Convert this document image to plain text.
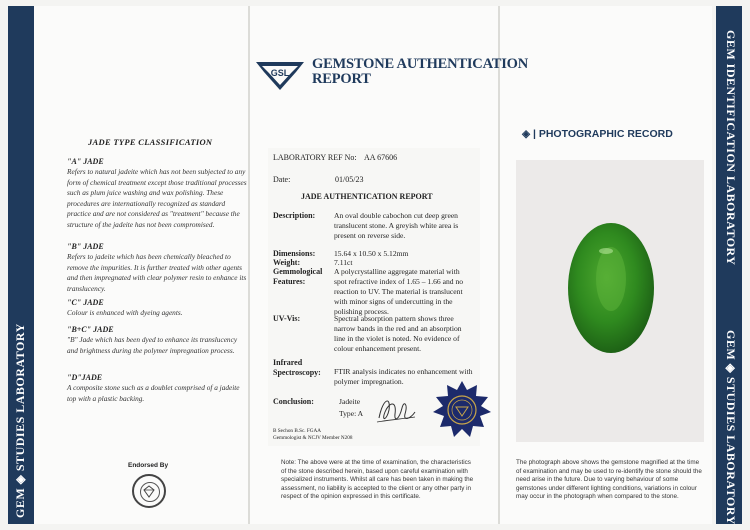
GEM ◈ STUDIES LABORATORY
GEM IDENTIFICATION LABORATORY
GEM ◈ STUDIES LABORATORY
JADE TYPE CLASSIFICATION
"A" JADE
Refers to natural jadeite which has not been subjected to any form of chemical treatment except those traditional processes such as plum juice washing and wax polishing. These procedures are internationally recognized as standard practice and are not considered as "treatment" because the structure of the jadeite has not been compromised.
"B" JADE
Refers to jadeite which has been chemically bleached to remove the impurities. It is further treated with other agents and then impregnated with clear polymer resin to enhance its translucency.
"C" JADE
Colour is enhanced with dyeing agents.
"B+C" JADE
"B" Jade which has been dyed to enhance its translucency and brightness during the polymer impregnation process.
"D"JADE
A composite stone such as a doublet comprised of a jadeite top with a plastic backing.
Endorsed By
GSL
GEMSTONE AUTHENTICATION
REPORT
LABORATORY REF No: AA 67606
Date:	01/05/23
JADE AUTHENTICATION REPORT
Description: An oval double cabochon cut deep green translucent stone. A greyish white area is present on reverse side.
Dimensions: 15.64 x 10.50 x 5.12mm
Weight:	7.11ct
Gemmological
Features:
A polycrystalline aggregate material with spot refractive index of 1.65 – 1.66 and no reaction to UV. The material is translucent with minor signs of undercutting in the polishing process.
UV-Vis:	Spectral absorption pattern shows three narrow bands in the red and an absorption line in the violet is noted. No evidence of colour enhancement present.
Infrared
Spectroscopy: FTIR analysis indicates no enhancement with polymer impregnation.
Conclusion:	Jadeite
Type: A
B Sechon B.Sc. FGAA
Gemmologist & NCJV Member N208
Note: The above were at the time of examination, the characteristics of the stone described herein, based upon careful examination with specialized instruments. Whilst all care has been taken in making the assessment, no liability is accepted to the client or any other party in respect of the opinion expressed in this certificate.
◈ | PHOTOGRAPHIC RECORD
The photograph above shows the gemstone magnified at the time of examination and may be used to re-identify the stone should the need arise in the future. Due to varying behaviour of some gemstones under different lighting conditions, variations in colour may occur in the photograph when compared to the stone.
